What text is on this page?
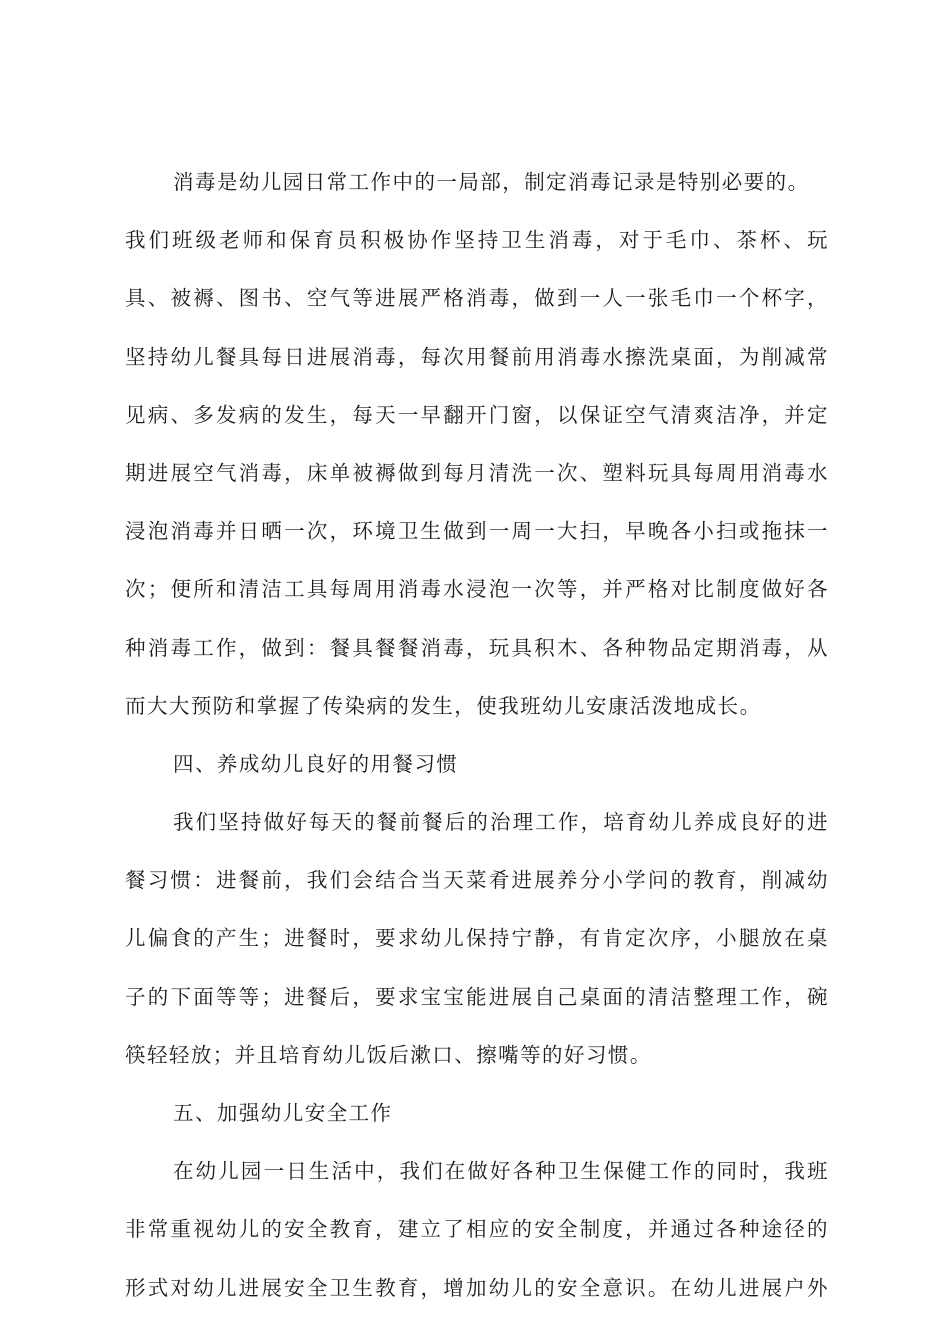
消毒是幼儿园日常工作中的一局部，制定消毒记录是特别必要的。
我们班级老师和保育员积极协作坚持卫生消毒，对于毛巾、茶杯、玩
具、被褥、图书、空气等进展严格消毒，做到一人一张毛巾一个杯字，
坚持幼儿餐具每日进展消毒，每次用餐前用消毒水擦洗桌面，为削减常
见病、多发病的发生，每天一早翻开门窗，以保证空气清爽洁净，并定
期进展空气消毒，床单被褥做到每月清洗一次、塑料玩具每周用消毒水
浸泡消毒并日晒一次，环境卫生做到一周一大扫，早晚各小扫或拖抹一
次；便所和清洁工具每周用消毒水浸泡一次等，并严格对比制度做好各
种消毒工作，做到：餐具餐餐消毒，玩具积木、各种物品定期消毒，从
而大大预防和掌握了传染病的发生，使我班幼儿安康活泼地成长。
四、养成幼儿良好的用餐习惯
我们坚持做好每天的餐前餐后的治理工作，培育幼儿养成良好的进
餐习惯：进餐前，我们会结合当天菜肴进展养分小学问的教育，削减幼
儿偏食的产生；进餐时，要求幼儿保持宁静，有肯定次序，小腿放在桌
子的下面等等；进餐后，要求宝宝能进展自己桌面的清洁整理工作，碗
筷轻轻放；并且培育幼儿饭后漱口、擦嘴等的好习惯。
五、加强幼儿安全工作
在幼儿园一日生活中，我们在做好各种卫生保健工作的同时，我班
非常重视幼儿的安全教育，建立了相应的安全制度，并通过各种途径的
形式对幼儿进展安全卫生教育，增加幼儿的安全意识。在幼儿进展户外
